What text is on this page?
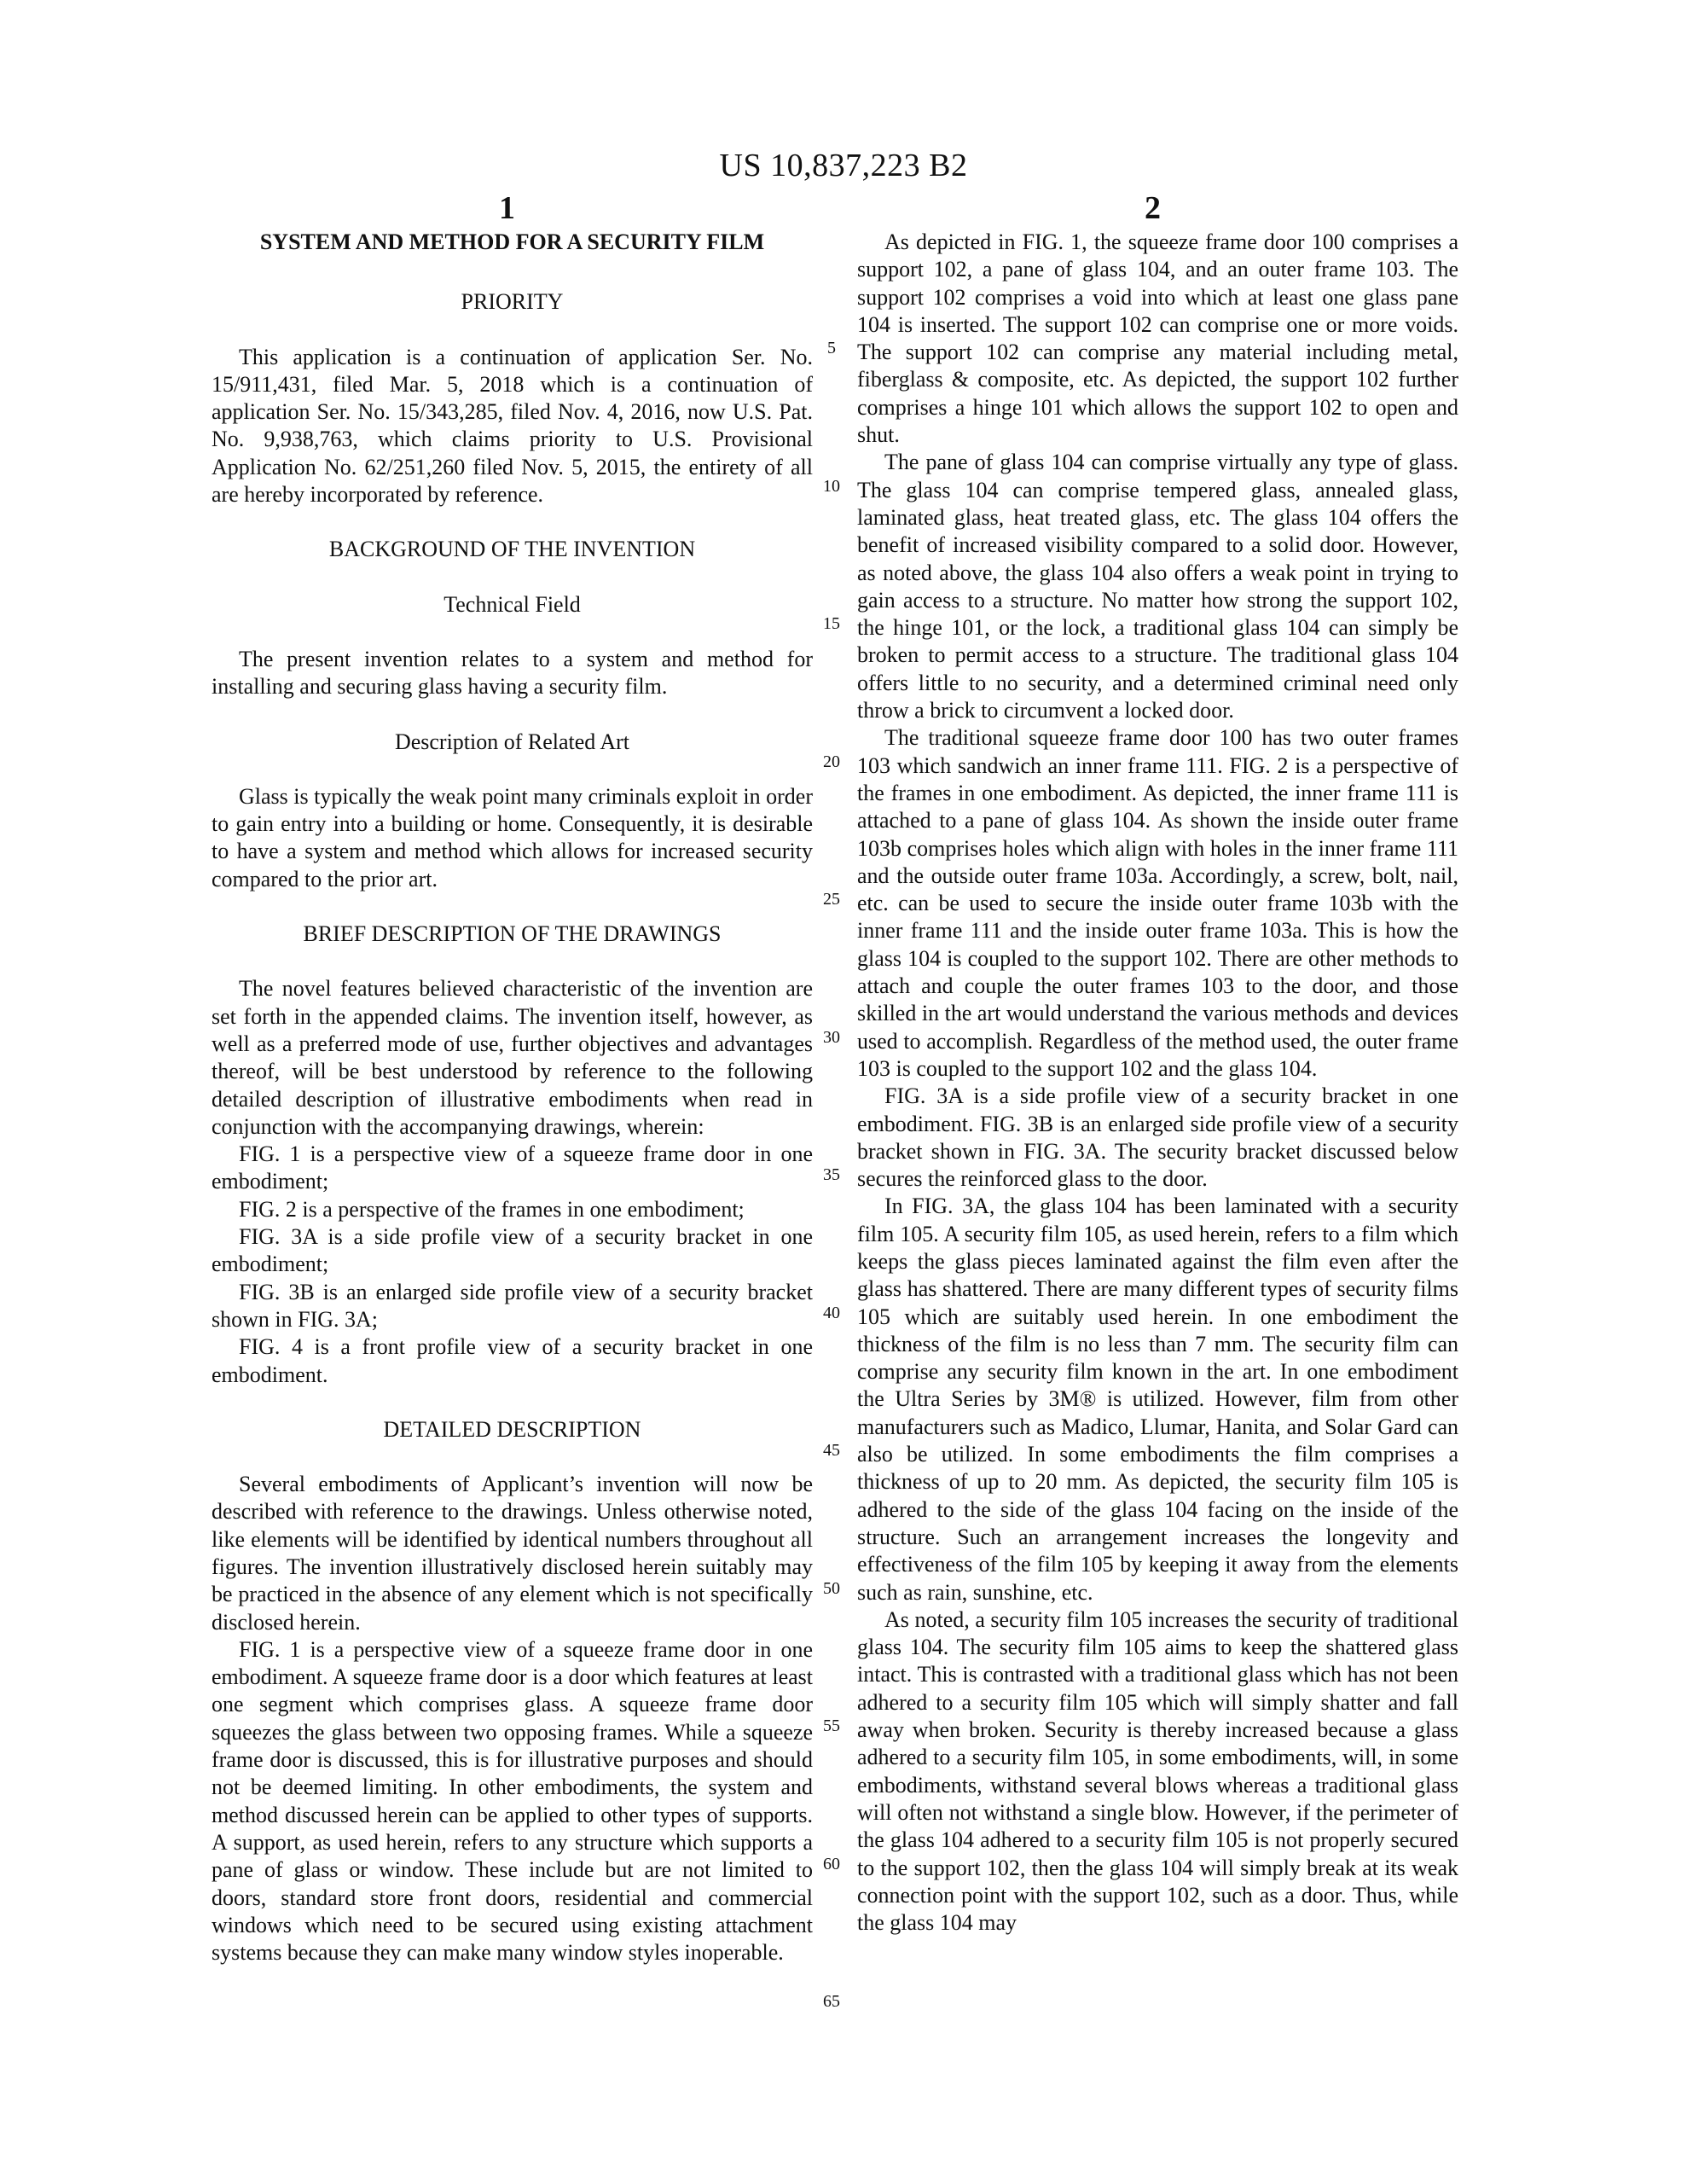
US 10,837,223 B2
1	2

SYSTEM AND METHOD FOR A SECURITY FILM

PRIORITY

This application is a continuation of application Ser. No. 15/911,431, filed Mar. 5, 2018 which is a continuation of application Ser. No. 15/343,285, filed Nov. 4, 2016, now U.S. Pat. No. 9,938,763, which claims priority to U.S. Provisional Application No. 62/251,260 filed Nov. 5, 2015, the entirety of all are hereby incorporated by reference.

BACKGROUND OF THE INVENTION

Technical Field

The present invention relates to a system and method for installing and securing glass having a security film.

Description of Related Art

Glass is typically the weak point many criminals exploit in order to gain entry into a building or home. Consequently, it is desirable to have a system and method which allows for increased security compared to the prior art.

BRIEF DESCRIPTION OF THE DRAWINGS

The novel features believed characteristic of the invention are set forth in the appended claims. The invention itself, however, as well as a preferred mode of use, further objectives and advantages thereof, will be best understood by reference to the following detailed description of illustrative embodiments when read in conjunction with the accompanying drawings, wherein:

FIG. 1 is a perspective view of a squeeze frame door in one embodiment;

FIG. 2 is a perspective of the frames in one embodiment;

FIG. 3A is a side profile view of a security bracket in one embodiment;

FIG. 3B is an enlarged side profile view of a security bracket shown in FIG. 3A;

FIG. 4 is a front profile view of a security bracket in one embodiment.

DETAILED DESCRIPTION

Several embodiments of Applicant’s invention will now be described with reference to the drawings. Unless otherwise noted, like elements will be identified by identical numbers throughout all figures. The invention illustratively disclosed herein suitably may be practiced in the absence of any element which is not specifically disclosed herein.

FIG. 1 is a perspective view of a squeeze frame door in one embodiment. A squeeze frame door is a door which features at least one segment which comprises glass. A squeeze frame door squeezes the glass between two opposing frames. While a squeeze frame door is discussed, this is for illustrative purposes and should not be deemed limiting. In other embodiments, the system and method discussed herein can be applied to other types of supports. A support, as used herein, refers to any structure which supports a pane of glass or window. These include but are not limited to doors, standard store front doors, residential and commercial windows which need to be secured using existing attachment systems because they can make many window styles inoperable.

5
10
15
20
25
30
35
40
45
50
55
60
65

As depicted in FIG. 1, the squeeze frame door 100 comprises a support 102, a pane of glass 104, and an outer frame 103. The support 102 comprises a void into which at least one glass pane 104 is inserted. The support 102 can comprise one or more voids. The support 102 can comprise any material including metal, fiberglass & composite, etc. As depicted, the support 102 further comprises a hinge 101 which allows the support 102 to open and shut.

The pane of glass 104 can comprise virtually any type of glass. The glass 104 can comprise tempered glass, annealed glass, laminated glass, heat treated glass, etc. The glass 104 offers the benefit of increased visibility compared to a solid door. However, as noted above, the glass 104 also offers a weak point in trying to gain access to a structure. No matter how strong the support 102, the hinge 101, or the lock, a traditional glass 104 can simply be broken to permit access to a structure. The traditional glass 104 offers little to no security, and a determined criminal need only throw a brick to circumvent a locked door.

The traditional squeeze frame door 100 has two outer frames 103 which sandwich an inner frame 111. FIG. 2 is a perspective of the frames in one embodiment. As depicted, the inner frame 111 is attached to a pane of glass 104. As shown the inside outer frame 103b comprises holes which align with holes in the inner frame 111 and the outside outer frame 103a. Accordingly, a screw, bolt, nail, etc. can be used to secure the inside outer frame 103b with the inner frame 111 and the inside outer frame 103a. This is how the glass 104 is coupled to the support 102. There are other methods to attach and couple the outer frames 103 to the door, and those skilled in the art would understand the various methods and devices used to accomplish. Regardless of the method used, the outer frame 103 is coupled to the support 102 and the glass 104.

FIG. 3A is a side profile view of a security bracket in one embodiment. FIG. 3B is an enlarged side profile view of a security bracket shown in FIG. 3A. The security bracket discussed below secures the reinforced glass to the door.

In FIG. 3A, the glass 104 has been laminated with a security film 105. A security film 105, as used herein, refers to a film which keeps the glass pieces laminated against the film even after the glass has shattered. There are many different types of security films 105 which are suitably used herein. In one embodiment the thickness of the film is no less than 7 mm. The security film can comprise any security film known in the art. In one embodiment the Ultra Series by 3M® is utilized. However, film from other manufacturers such as Madico, Llumar, Hanita, and Solar Gard can also be utilized. In some embodiments the film comprises a thickness of up to 20 mm. As depicted, the security film 105 is adhered to the side of the glass 104 facing on the inside of the structure. Such an arrangement increases the longevity and effectiveness of the film 105 by keeping it away from the elements such as rain, sunshine, etc.

As noted, a security film 105 increases the security of traditional glass 104. The security film 105 aims to keep the shattered glass intact. This is contrasted with a traditional glass which has not been adhered to a security film 105 which will simply shatter and fall away when broken. Security is thereby increased because a glass adhered to a security film 105, in some embodiments, will, in some embodiments, withstand several blows whereas a traditional glass will often not withstand a single blow. However, if the perimeter of the glass 104 adhered to a security film 105 is not properly secured to the support 102, then the glass 104 will simply break at its weak connection point with the support 102, such as a door. Thus, while the glass 104 may
